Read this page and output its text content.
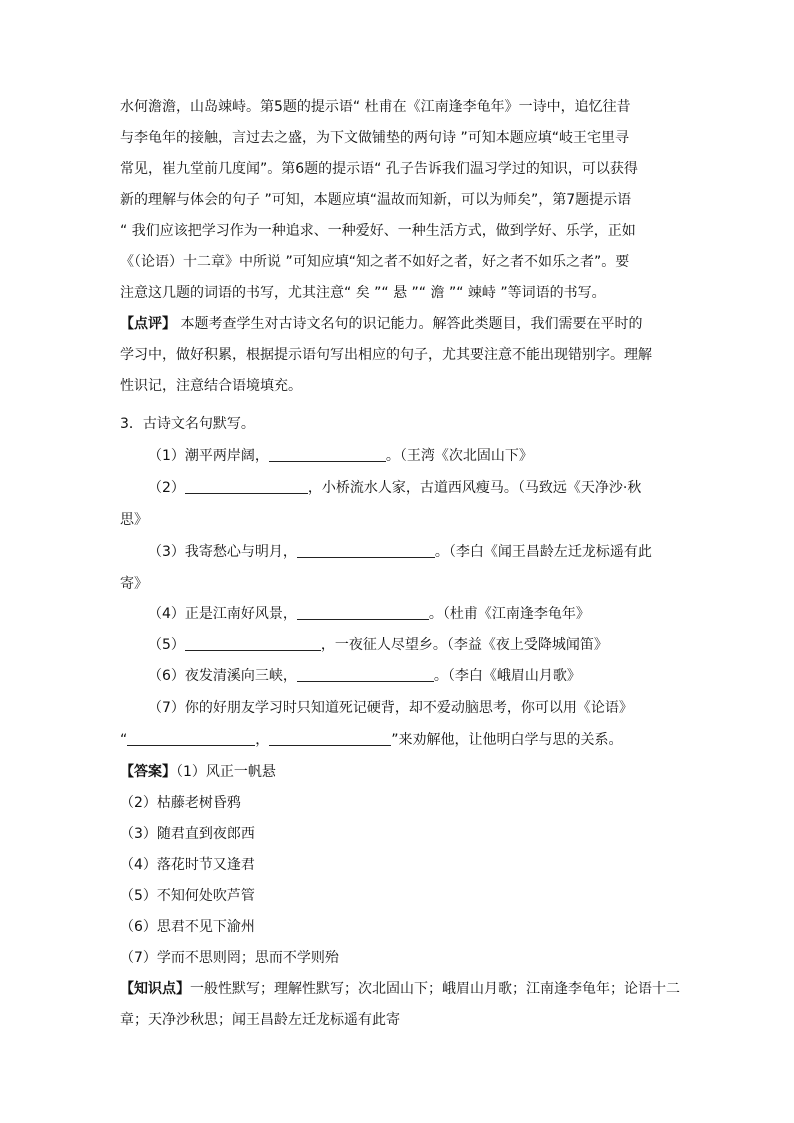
水何澹澹，山岛竦峙。第5题的提示语“ 杜甫在《江南逢李龟年》一诗中，追忆往昔
与李龟年的接触，言过去之盛，为下文做铺垫的两句诗 ”可知本题应填“岐王宅里寻
常见，崔九堂前几度闻”。第6题的提示语“ 孔子告诉我们温习学过的知识，可以获得
新的理解与体会的句子 ”可知，本题应填“温故而知新，可以为师矣”，第7题提示语
“ 我们应该把学习作为一种追求、一种爱好、一种生活方式，做到学好、乐学，正如
《（论语）十二章》中所说 ”可知应填“知之者不如好之者，好之者不如乐之者”。要
注意这几题的词语的书写，尤其注意“ 矣 ”“ 悬 ”“ 澹 ”“ 竦峙 ”等词语的书写。
【点评】 本题考查学生对古诗文名句的识记能力。解答此类题目，我们需要在平时的
学习中，做好积累，根据提示语句写出相应的句子，尤其要注意不能出现错别字。理解
性识记，注意结合语境填充。
3．古诗文名句默写。
（1）潮平两岸阔，	。（王湾《次北固山下》
（2）	，小桥流水人家，古道西风瘦马。（马致远《天净沙·秋
思》
（3）我寄愁心与明月，	。（李白《闻王昌龄左迁龙标遥有此
寄》
（4）正是江南好风景，	。（杜甫《江南逢李龟年》
（5）	，一夜征人尽望乡。（李益《夜上受降城闻笛》
（6）夜发清溪向三峡，	。（李白《峨眉山月歌》
（7）你的好朋友学习时只知道死记硬背，却不爱动脑思考，你可以用《论语》
“	，	”来劝解他，让他明白学与思的关系。
【答案】（1）风正一帆悬
（2）枯藤老树昏鸦
（3）随君直到夜郎西
（4）落花时节又逢君
（5）不知何处吹芦管
（6）思君不见下渝州
（7）学而不思则罔；思而不学则殆
【知识点】一般性默写；理解性默写；次北固山下；峨眉山月歌；江南逢李龟年；论语十二
章；天净沙秋思；闻王昌龄左迁龙标遥有此寄
